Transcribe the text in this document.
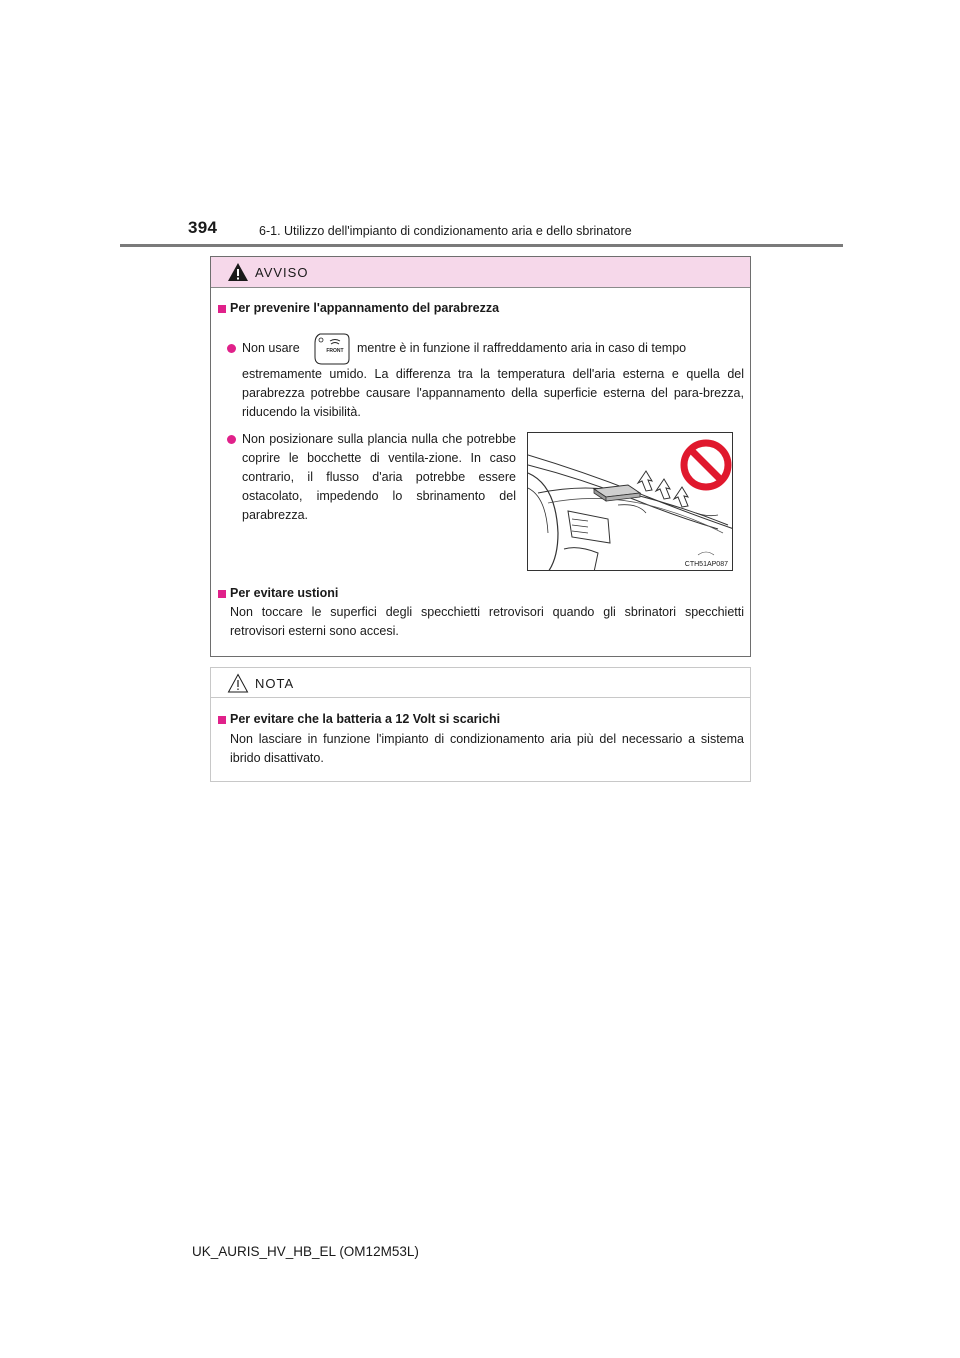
394	6-1. Utilizzo dell'impianto di condizionamento aria e dello sbrinatore
AVVISO
Per prevenire l'appannamento del parabrezza
Non usare	FRONT mentre è in funzione il raffreddamento aria in caso di tempo
estremamente umido. La differenza tra la temperatura dell'aria esterna e quella del parabrezza potrebbe causare l'appannamento della superficie esterna del para-brezza, riducendo la visibilità.
Non posizionare sulla plancia nulla che potrebbe coprire le bocchette di ventila-zione. In caso contrario, il flusso d'aria potrebbe essere ostacolato, impedendo lo sbrinamento del parabrezza.
CTH51AP087
Per evitare ustioni
Non toccare le superfici degli specchietti retrovisori quando gli sbrinatori specchietti retrovisori esterni sono accesi.
NOTA
Per evitare che la batteria a 12 Volt si scarichi
Non lasciare in funzione l'impianto di condizionamento aria più del necessario a sistema ibrido disattivato.
UK_AURIS_HV_HB_EL (OM12M53L)
